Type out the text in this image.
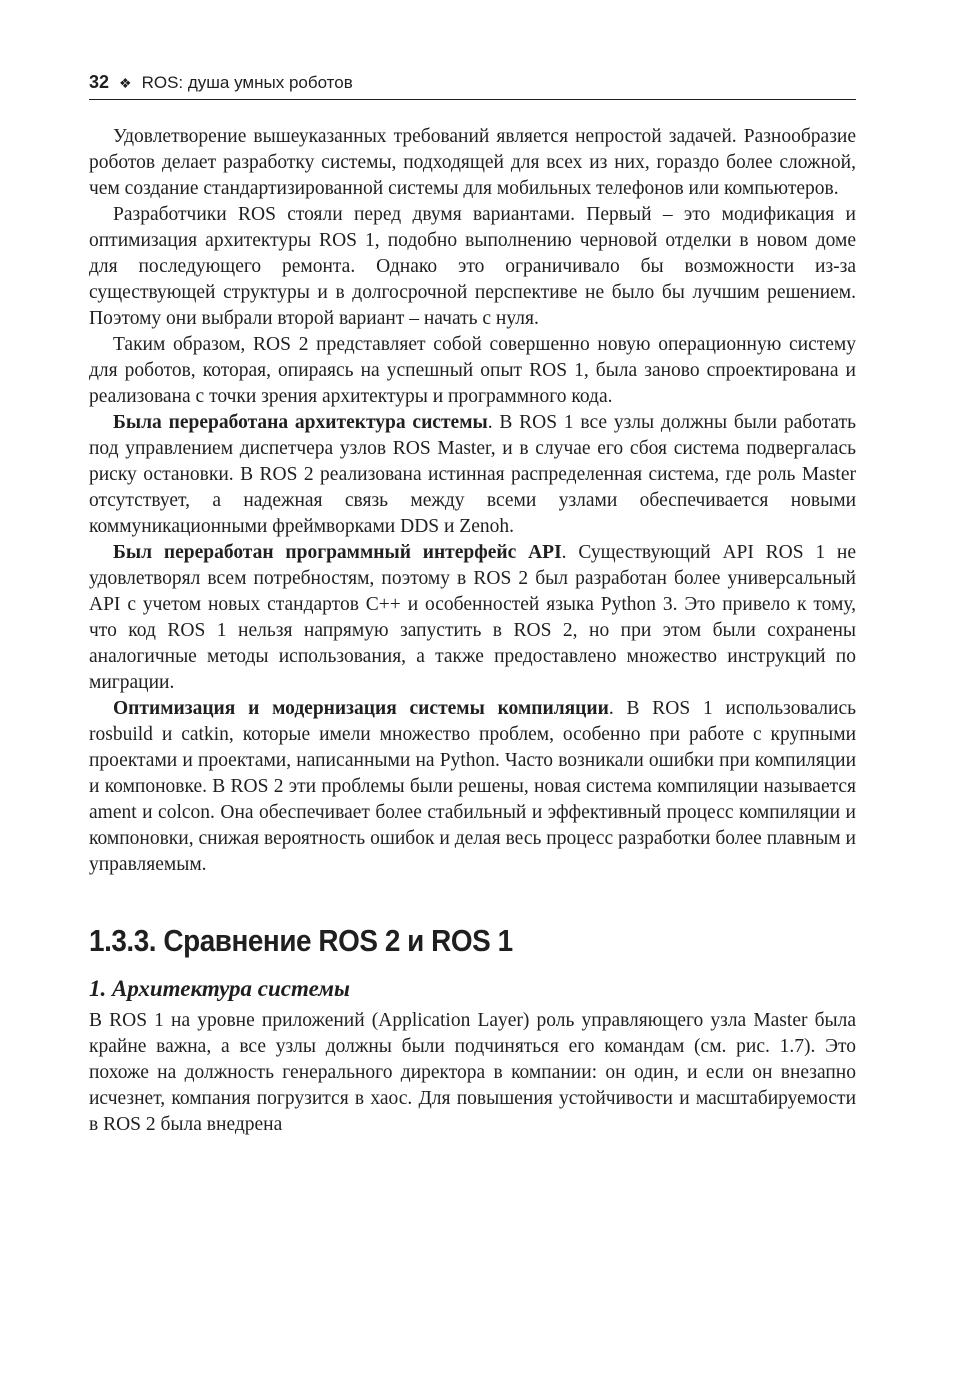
32 ❖ ROS: душа умных роботов

Удовлетворение вышеуказанных требований является непростой задачей. Разнообразие роботов делает разработку системы, подходящей для всех из них, гораздо более сложной, чем создание стандартизированной системы для мобильных телефонов или компьютеров.

Разработчики ROS стояли перед двумя вариантами. Первый – это модификация и оптимизация архитектуры ROS 1, подобно выполнению черновой отделки в новом доме для последующего ремонта. Однако это ограничивало бы возможности из-за существующей структуры и в долгосрочной перспективе не было бы лучшим решением. Поэтому они выбрали второй вариант – начать с нуля.

Таким образом, ROS 2 представляет собой совершенно новую операционную систему для роботов, которая, опираясь на успешный опыт ROS 1, была заново спроектирована и реализована с точки зрения архитектуры и программного кода.

Была переработана архитектура системы. В ROS 1 все узлы должны были работать под управлением диспетчера узлов ROS Master, и в случае его сбоя система подвергалась риску остановки. В ROS 2 реализована истинная распределенная система, где роль Master отсутствует, а надежная связь между всеми узлами обеспечивается новыми коммуникационными фреймворками DDS и Zenoh.

Был переработан программный интерфейс API. Существующий API ROS 1 не удовлетворял всем потребностям, поэтому в ROS 2 был разработан более универсальный API с учетом новых стандартов C++ и особенностей языка Python 3. Это привело к тому, что код ROS 1 нельзя напрямую запустить в ROS 2, но при этом были сохранены аналогичные методы использования, а также предоставлено множество инструкций по миграции.

Оптимизация и модернизация системы компиляции. В ROS 1 использовались rosbuild и catkin, которые имели множество проблем, особенно при работе с крупными проектами и проектами, написанными на Python. Часто возникали ошибки при компиляции и компоновке. В ROS 2 эти проблемы были решены, новая система компиляции называется ament и colcon. Она обеспечивает более стабильный и эффективный процесс компиляции и компоновки, снижая вероятность ошибок и делая весь процесс разработки более плавным и управляемым.

1.3.3. Сравнение ROS 2 и ROS 1
1. Архитектура системы

В ROS 1 на уровне приложений (Application Layer) роль управляющего узла Master была крайне важна, а все узлы должны были подчиняться его командам (см. рис. 1.7). Это похоже на должность генерального директора в компании: он один, и если он внезапно исчезнет, компания погрузится в хаос. Для повышения устойчивости и масштабируемости в ROS 2 была внедрена
